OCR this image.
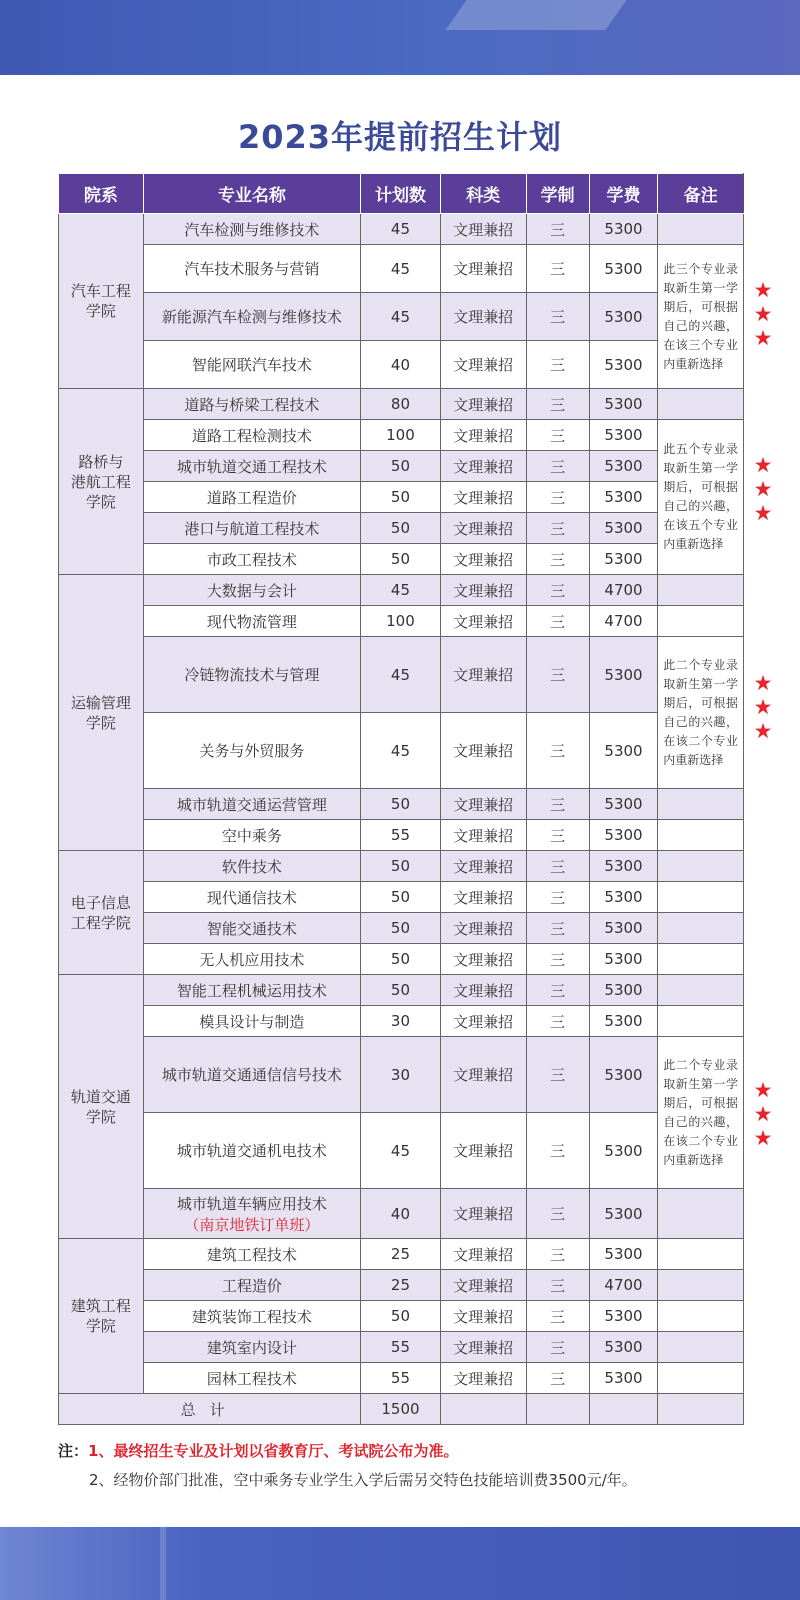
2023年提前招生计划
院系	专业名称	计划数	科类	学制	学费	备注
汽车工程
学院	汽车检测与维修技术	45	文理兼招	三	5300	

	汽车技术服务与营销	45	文理兼招	三	5300	此三个专业录取新生第一学期后，可根据自己的兴趣，在该三个专业内重新选择

	新能源汽车检测与维修技术	45	文理兼招	三	5300	

	智能网联汽车技术	40	文理兼招	三	5300	
路桥与
港航工程
学院	道路与桥梁工程技术	80	文理兼招	三	5300	

	道路工程检测技术	100	文理兼招	三	5300	此五个专业录取新生第一学期后，可根据自己的兴趣，在该五个专业内重新选择

	城市轨道交通工程技术	50	文理兼招	三	5300	

	道路工程造价	50	文理兼招	三	5300	

	港口与航道工程技术	50	文理兼招	三	5300	

	市政工程技术	50	文理兼招	三	5300	
运输管理
学院	大数据与会计	45	文理兼招	三	4700	

	现代物流管理	100	文理兼招	三	4700	

	冷链物流技术与管理	45	文理兼招	三	5300	此二个专业录取新生第一学期后，可根据自己的兴趣，在该二个专业内重新选择

	关务与外贸服务	45	文理兼招	三	5300	

	城市轨道交通运营管理	50	文理兼招	三	5300	

	空中乘务	55	文理兼招	三	5300	
电子信息
工程学院	软件技术	50	文理兼招	三	5300	

	现代通信技术	50	文理兼招	三	5300	

	智能交通技术	50	文理兼招	三	5300	

	无人机应用技术	50	文理兼招	三	5300	
轨道交通
学院	智能工程机械运用技术	50	文理兼招	三	5300	

	模具设计与制造	30	文理兼招	三	5300	

	城市轨道交通通信信号技术	30	文理兼招	三	5300	此二个专业录取新生第一学期后，可根据自己的兴趣，在该二个专业内重新选择

	城市轨道交通机电技术	45	文理兼招	三	5300	

	城市轨道车辆应用技术
（南京地铁订单班）	40	文理兼招	三	5300	
建筑工程
学院	建筑工程技术	25	文理兼招	三	5300	

	工程造价	25	文理兼招	三	4700	

	建筑装饰工程技术	50	文理兼招	三	5300	

	建筑室内设计	55	文理兼招	三	5300	

	园林工程技术	55	文理兼招	三	5300	
总计		1500				
★
★
★
★
★
★
★
★
★
★
★
★
注：1、最终招生专业及计划以省教育厅、考试院公布为准。
2、经物价部门批准，空中乘务专业学生入学后需另交特色技能培训费3500元/年。
